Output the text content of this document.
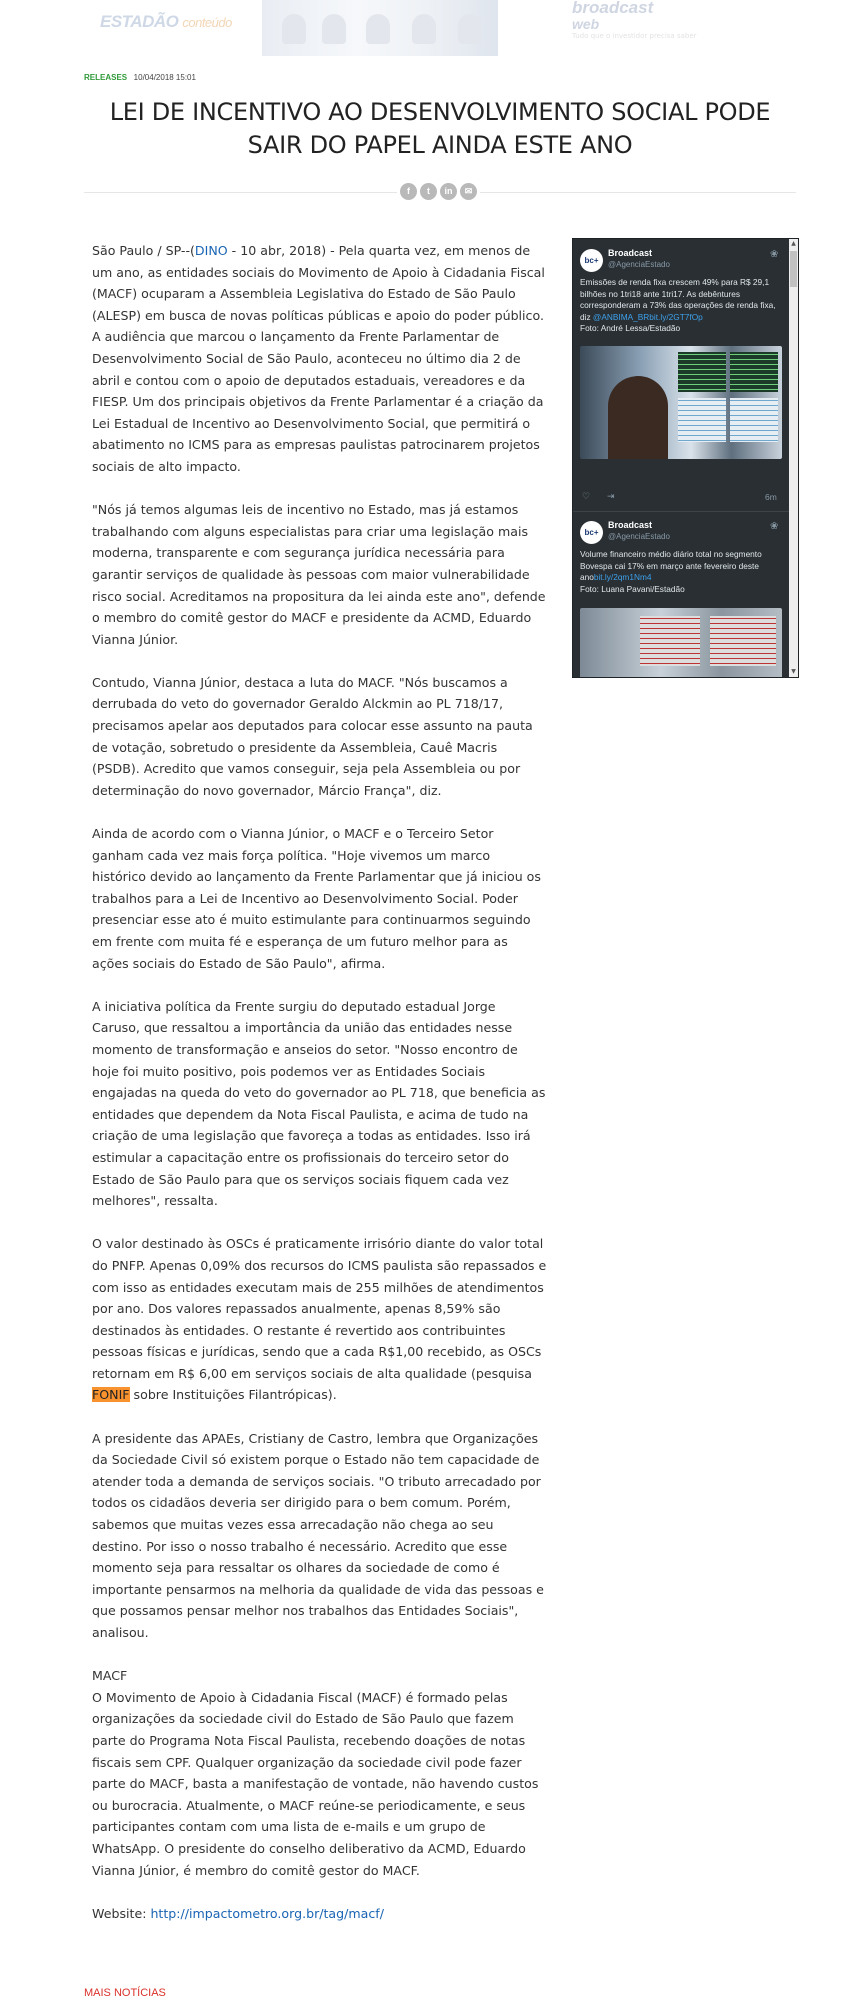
ESTADÃO conteúdo
broadcast
web
Tudo que o investidor precisa saber
RELEASES 10/04/2018 15:01
LEI DE INCENTIVO AO DESENVOLVIMENTO SOCIAL PODE SAIR DO PAPEL AINDA ESTE ANO
f	t	in	✉

São Paulo / SP--(DINO - 10 abr, 2018) - Pela quarta vez, em menos de um ano, as entidades sociais do Movimento de Apoio à Cidadania Fiscal (MACF) ocuparam a Assembleia Legislativa do Estado de São Paulo (ALESP) em busca de novas políticas públicas e apoio do poder público. A audiência que marcou o lançamento da Frente Parlamentar de Desenvolvimento Social de São Paulo, aconteceu no último dia 2 de abril e contou com o apoio de deputados estaduais, vereadores e da FIESP. Um dos principais objetivos da Frente Parlamentar é a criação da Lei Estadual de Incentivo ao Desenvolvimento Social, que permitirá o abatimento no ICMS para as empresas paulistas patrocinarem projetos sociais de alto impacto.

"Nós já temos algumas leis de incentivo no Estado, mas já estamos trabalhando com alguns especialistas para criar uma legislação mais moderna, transparente e com segurança jurídica necessária para garantir serviços de qualidade às pessoas com maior vulnerabilidade risco social. Acreditamos na propositura da lei ainda este ano", defende o membro do comitê gestor do MACF e presidente da ACMD, Eduardo Vianna Júnior.

Contudo, Vianna Júnior, destaca a luta do MACF. "Nós buscamos a derrubada do veto do governador Geraldo Alckmin ao PL 718/17, precisamos apelar aos deputados para colocar esse assunto na pauta de votação, sobretudo o presidente da Assembleia, Cauê Macris (PSDB). Acredito que vamos conseguir, seja pela Assembleia ou por determinação do novo governador, Márcio França", diz.

Ainda de acordo com o Vianna Júnior, o MACF e o Terceiro Setor ganham cada vez mais força política. "Hoje vivemos um marco histórico devido ao lançamento da Frente Parlamentar que já iniciou os trabalhos para a Lei de Incentivo ao Desenvolvimento Social. Poder presenciar esse ato é muito estimulante para continuarmos seguindo em frente com muita fé e esperança de um futuro melhor para as ações sociais do Estado de São Paulo", afirma.

A iniciativa política da Frente surgiu do deputado estadual Jorge Caruso, que ressaltou a importância da união das entidades nesse momento de transformação e anseios do setor. "Nosso encontro de hoje foi muito positivo, pois podemos ver as Entidades Sociais engajadas na queda do veto do governador ao PL 718, que beneficia as entidades que dependem da Nota Fiscal Paulista, e acima de tudo na criação de uma legislação que favoreça a todas as entidades. Isso irá estimular a capacitação entre os profissionais do terceiro setor do Estado de São Paulo para que os serviços sociais fiquem cada vez melhores", ressalta.

O valor destinado às OSCs é praticamente irrisório diante do valor total do PNFP. Apenas 0,09% dos recursos do ICMS paulista são repassados e com isso as entidades executam mais de 255 milhões de atendimentos por ano. Dos valores repassados anualmente, apenas 8,59% são destinados às entidades. O restante é revertido aos contribuintes pessoas físicas e jurídicas, sendo que a cada R$1,00 recebido, as OSCs retornam em R$ 6,00 em serviços sociais de alta qualidade (pesquisa FONIF sobre Instituições Filantrópicas).

A presidente das APAEs, Cristiany de Castro, lembra que Organizações da Sociedade Civil só existem porque o Estado não tem capacidade de atender toda a demanda de serviços sociais. "O tributo arrecadado por todos os cidadãos deveria ser dirigido para o bem comum. Porém, sabemos que muitas vezes essa arrecadação não chega ao seu destino. Por isso o nosso trabalho é necessário. Acredito que esse momento seja para ressaltar os olhares da sociedade de como é importante pensarmos na melhoria da qualidade de vida das pessoas e que possamos pensar melhor nos trabalhos das Entidades Sociais", analisou.

MACF
O Movimento de Apoio à Cidadania Fiscal (MACF) é formado pelas organizações da sociedade civil do Estado de São Paulo que fazem parte do Programa Nota Fiscal Paulista, recebendo doações de notas fiscais sem CPF. Qualquer organização da sociedade civil pode fazer parte do MACF, basta a manifestação de vontade, não havendo custos ou burocracia. Atualmente, o MACF reúne-se periodicamente, e seus participantes contam com uma lista de e-mails e um grupo de WhatsApp. O presidente do conselho deliberativo da ACMD, Eduardo Vianna Júnior, é membro do comitê gestor do MACF.

Website: http://impactometro.org.br/tag/macf/

bc+
Broadcast
@AgenciaEstado
❀
Emissões de renda fixa crescem 49% para R$ 29,1 bilhões no 1tri18 ante 1tri17. As debêntures corresponderam a 73% das operações de renda fixa, diz @ANBIMA_BRbit.ly/2GT7fOp
Foto: André Lessa/Estadão
♡ ⇥	6m
bc+
Broadcast
@AgenciaEstado
❀
Volume financeiro médio diário total no segmento Bovespa cai 17% em março ante fevereiro deste anobit.ly/2qm1Nm4
Foto: Luana Pavani/Estadão
▲
▼
MAIS NOTÍCIAS
